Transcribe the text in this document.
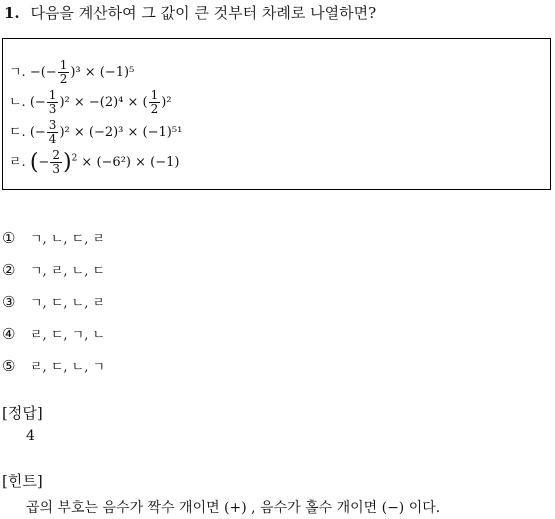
1. 다음을 계산하여 그 값이 큰 것부터 차례로 나열하면?
ㄱ. −(− $\frac{1}{2} )^3 \times (-1)^5$
ㄴ. (− $\frac{1}{3} )^2 \times -(2)^4$ × ( $\frac{1}{2} )^2$
ㄷ. (− $\frac{3}{4} )^2 \times (-2)^3 \times (-1)^{51}$
ㄹ. (− $\frac{2}{3} )^2 \times (-6^2) \times (-1)$
① ㄱ, ㄴ, ㄷ, ㄹ
② ㄱ, ㄹ, ㄴ, ㄷ
③ ㄱ, ㄷ, ㄴ, ㄹ
④ ㄹ, ㄷ, ㄱ, ㄴ
⑤ ㄹ, ㄷ, ㄴ, ㄱ
[정답]
4
[힌트]
곱의 부호는 음수가 짝수 개이면 (+) , 음수가 홀수 개이면 (−) 이다.
